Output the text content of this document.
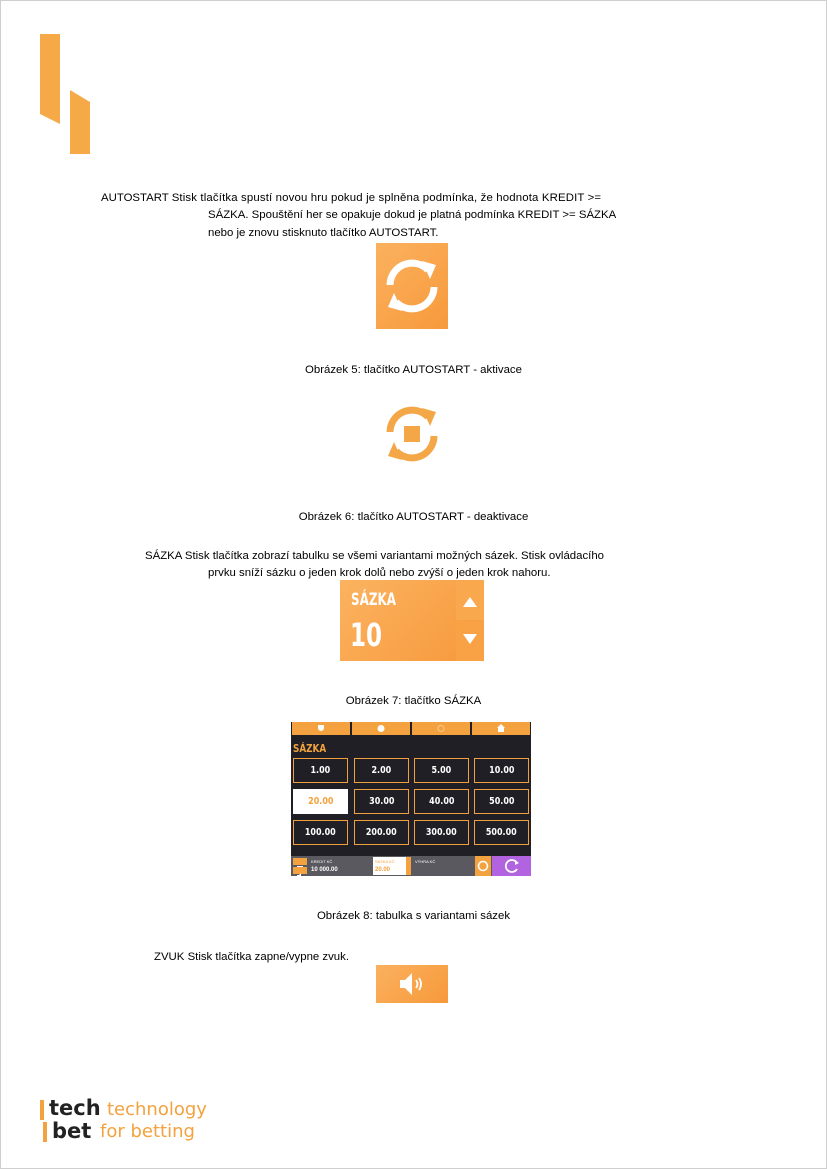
AUTOSTART Stisk tlačítka spustí novou hru pokud je splněna podmínka, že hodnota KREDIT >=
SÁZKA. Spouštění her se opakuje dokud je platná podmínka KREDIT >= SÁZKA
nebo je znovu stisknuto tlačítko AUTOSTART.
Obrázek 5: tlačítko AUTOSTART - aktivace
Obrázek 6: tlačítko AUTOSTART - deaktivace
SÁZKA Stisk tlačítka zobrazí tabulku se všemi variantami možných sázek. Stisk ovládacího
prvku sníží sázku o jeden krok dolů nebo zvýší o jeden krok nahoru.
SÁZKA
10
Obrázek 7: tlačítko SÁZKA
SÁZKA
1.00	2.00	5.00	10.00
20.00	30.00	40.00	50.00
100.00	200.00	300.00	500.00
KREDIT KČ
10 000.00
SÁZKA KČ
20.00
VÝHRA KČ
Obrázek 8: tabulka s variantami sázek
ZVUK Stisk tlačítka zapne/vypne zvuk.
tech
bet
technology
for betting
